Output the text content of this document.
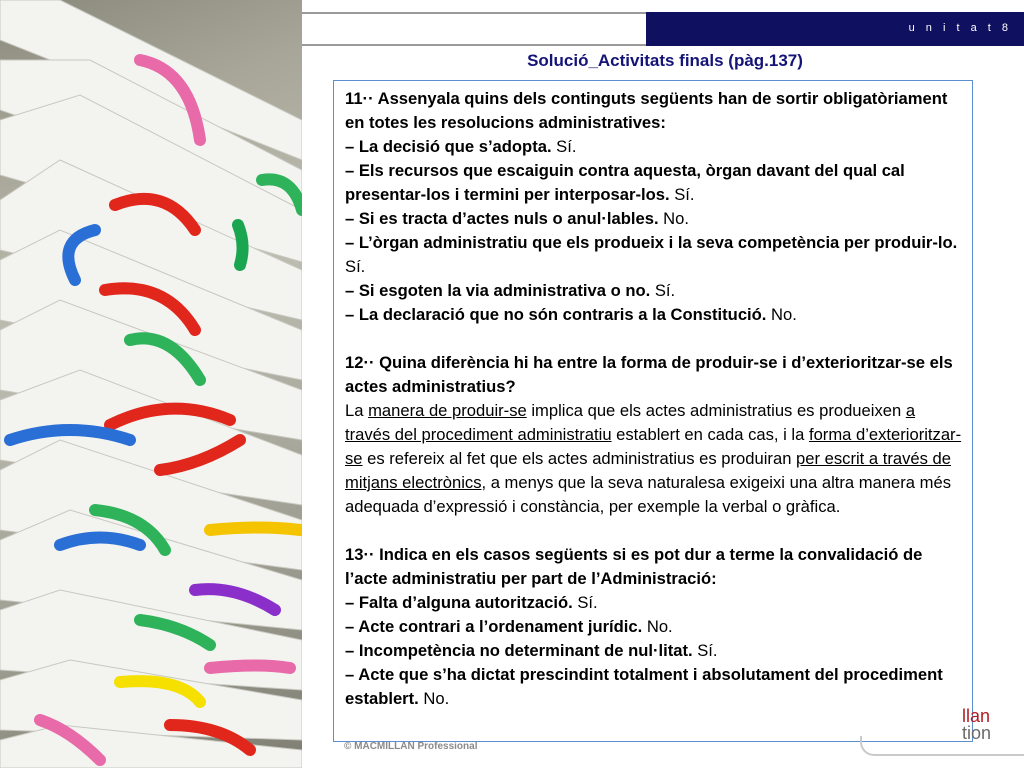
u n i t a t 8
Solució_Activitats finals (pàg.137)

11·· Assenyala quins dels continguts següents han de sortir obligatòriament en totes les resolucions administratives:

– La decisió que s’adopta. Sí.

– Els recursos que escaiguin contra aquesta, òrgan davant del qual cal presentar-los i termini per interposar-los. Sí.

– Si es tracta d’actes nuls o anul·lables. No.

– L’òrgan administratiu que els produeix i la seva competència per produir-lo. Sí.

– Si esgoten la via administrativa o no. Sí.

– La declaració que no són contraris a la Constitució. No.

12·· Quina diferència hi ha entre la forma de produir-se i d’exterioritzar-se els actes administratius?

La manera de produir-se implica que els actes administratius es produeixen a través del procediment administratiu establert en cada cas, i la forma d’exterioritzar-se es refereix al fet que els actes administratius es produiran per escrit a través de mitjans electrònics, a menys que la seva naturalesa exigeixi una altra manera més adequada d’expressió i constància, per exemple la verbal o gràfica.

13·· Indica en els casos següents si es pot dur a terme la convalidació de l’acte administratiu per part de l’Administració:

– Falta d’alguna autorització. Sí.

– Acte contrari a l’ordenament jurídic. No.

– Incompetència no determinant de nul·litat. Sí.

– Acte que s’ha dictat prescindint totalment i absolutament del procediment establert. No.

© MACMILLAN Professional
llan
tion
